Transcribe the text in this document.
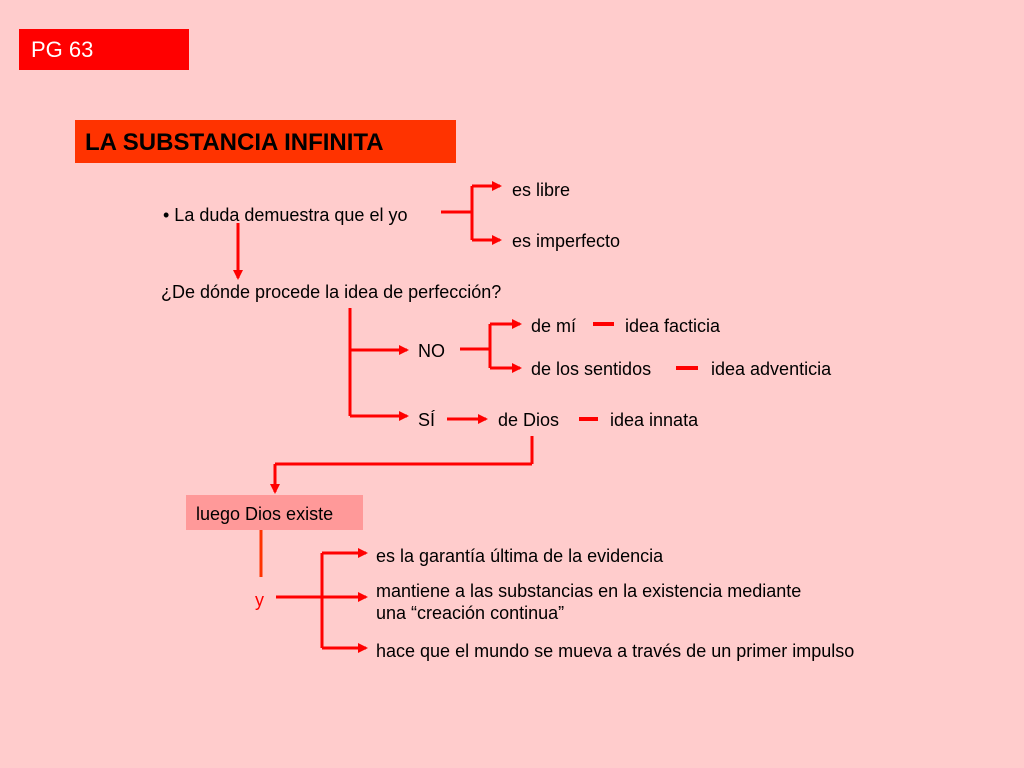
PG 63
LA SUBSTANCIA INFINITA
• La duda demuestra que el yo
es libre
es imperfecto
¿De dónde procede la idea de perfección?
NO
de mí	idea facticia
de los sentidos	idea adventicia
SÍ	de Dios	idea innata
luego Dios existe
y
es la garantía última de la evidencia
mantiene a las substancias en la existencia mediante
una “creación continua”
hace que el mundo se mueva a través de un primer impulso
